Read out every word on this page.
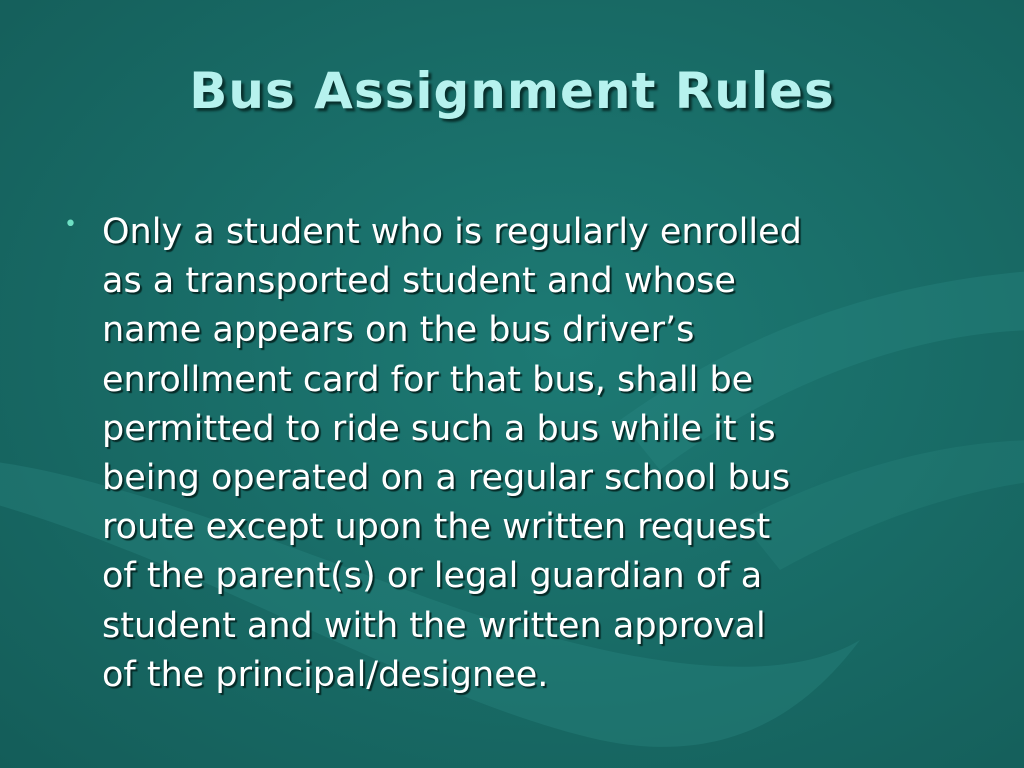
Bus Assignment Rules
• Only a student who is regularly enrolled
as a transported student and whose
name appears on the bus driver’s
enrollment card for that bus, shall be
permitted to ride such a bus while it is
being operated on a regular school bus
route except upon the written request
of the parent(s) or legal guardian of a
student and with the written approval
of the principal/designee.
